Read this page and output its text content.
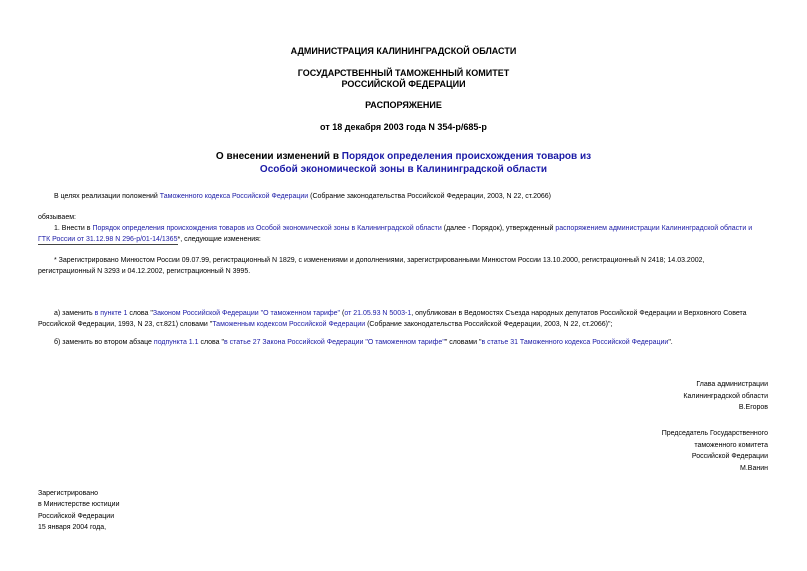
АДМИНИСТРАЦИЯ КАЛИНИНГРАДСКОЙ ОБЛАСТИ
ГОСУДАРСТВЕННЫЙ ТАМОЖЕННЫЙ КОМИТЕТ
РОССИЙСКОЙ ФЕДЕРАЦИИ
РАСПОРЯЖЕНИЕ
от 18 декабря 2003 года N 354-р/685-р
О внесении изменений в Порядок определения происхождения товаров из
Особой экономической зоны в Калининградской области
В целях реализации положений Таможенного кодекса Российской Федерации (Собрание законодательства Российской Федерации, 2003, N 22, ст.2066)
обязываем:
1. Внести в Порядок определения происхождения товаров из Особой экономической зоны в Калининградской области (далее - Порядок), утвержденный распоряжением администрации Калининградской области и
ГТК России от 31.12.98 N 296-р/01-14/1365*, следующие изменения:
* Зарегистрировано Минюстом России 09.07.99, регистрационный N 1829, с изменениями и дополнениями, зарегистрированными Минюстом России 13.10.2000, регистрационный N 2418; 14.03.2002,
регистрационный N 3293 и 04.12.2002, регистрационный N 3995.
а) заменить в пункте 1 слова "Законом Российской Федерации "О таможенном тарифе" (от 21.05.93 N 5003-1, опубликован в Ведомостях Съезда народных депутатов Российской Федерации и Верховного Совета
Российской Федерации, 1993, N 23, ст.821) словами "Таможенным кодексом Российской Федерации (Собрание законодательства Российской Федерации, 2003, N 22, ст.2066)";
б) заменить во втором абзаце подпункта 1.1 слова "в статье 27 Закона Российской Федерации "О таможенном тарифе"" словами "в статье 31 Таможенного кодекса Российской Федерации".
Глава администрации
Калининградской области
В.Егоров
Председатель Государственного
таможенного комитета
Российской Федерации
М.Ванин
Зарегистрировано
в Министерстве юстиции
Российской Федерации
15 января 2004 года,
